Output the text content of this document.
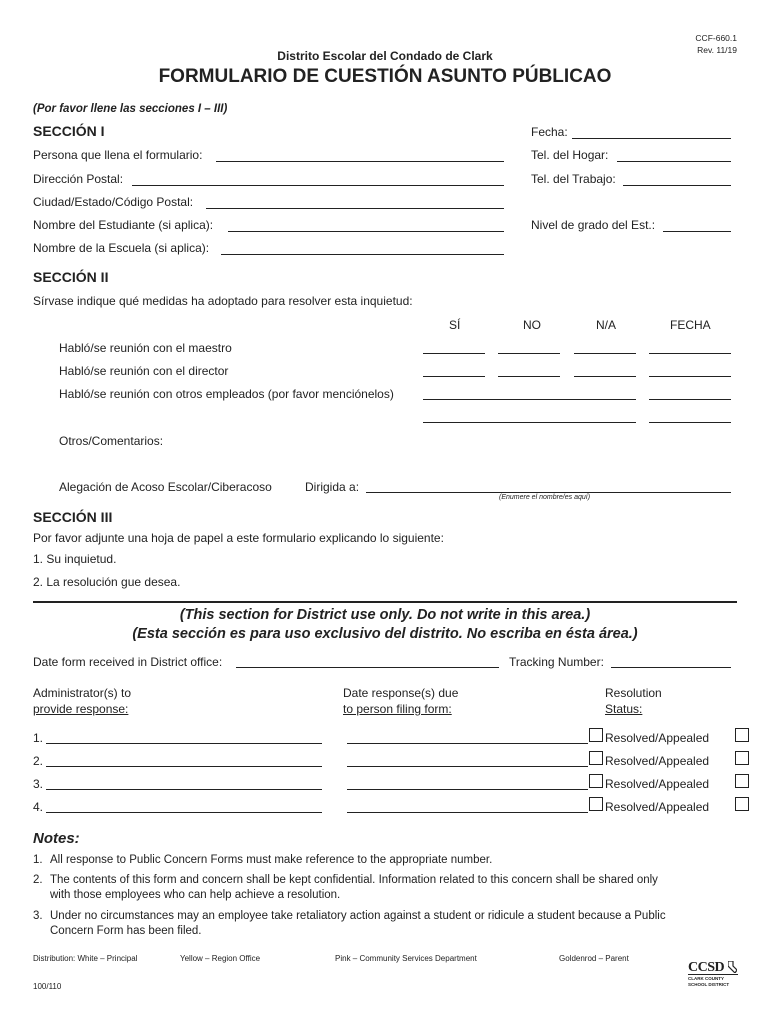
CCF-660.1
Rev. 11/19
Distrito Escolar del Condado de Clark
FORMULARIO DE CUESTIÓN ASUNTO PÚBLICAO
(Por favor llene las secciones I – III)
SECCIÓN I	Fecha:
Persona que llena el formulario:	Tel. del Hogar:
Dirección Postal:	Tel. del Trabajo:
Ciudad/Estado/Código Postal:
Nombre del Estudiante (si aplica):	Nivel de grado del Est.:
Nombre de la Escuela (si aplica):
SECCIÓN II
Sírvase indique qué medidas ha adoptado para resolver esta inquietud:
SÍ	NO	N/A	FECHA
Habló/se reunión con el maestro
Habló/se reunión con el director
Habló/se reunión con otros empleados (por favor menciónelos)
Otros/Comentarios:
Alegación de Acoso Escolar/Ciberacoso	Dirigida a:
(Enumere el nombre/es aquí)
SECCIÓN III
Por favor adjunte una hoja de papel a este formulario explicando lo siguiente:
1. Su inquietud.
2. La resolución gue desea.
(This section for District use only. Do not write in this area.)
(Esta sección es para uso exclusivo del distrito. No escriba en ésta área.)
Date form received in District office:	Tracking Number:
Administrator(s) to
provide response:
Date response(s) due
to person filing form:
Resolution
Status:
1.	Resolved/Appealed
2.	Resolved/Appealed
3.	Resolved/Appealed
4.	Resolved/Appealed
Notes:
1. All response to Public Concern Forms must make reference to the appropriate number.
2. The contents of this form and concern shall be kept confidential. Information related to this concern shall be shared only
with those employees who can help achieve a resolution.
3. Under no circumstances may an employee take retaliatory action against a student or ridicule a student because a Public
Concern Form has been filed.
Distribution: White – Principal	Yellow – Region Office	Pink – Community Services Department	Goldenrod – Parent
100/110
CCSD
CLARK COUNTY
SCHOOL DISTRICT
